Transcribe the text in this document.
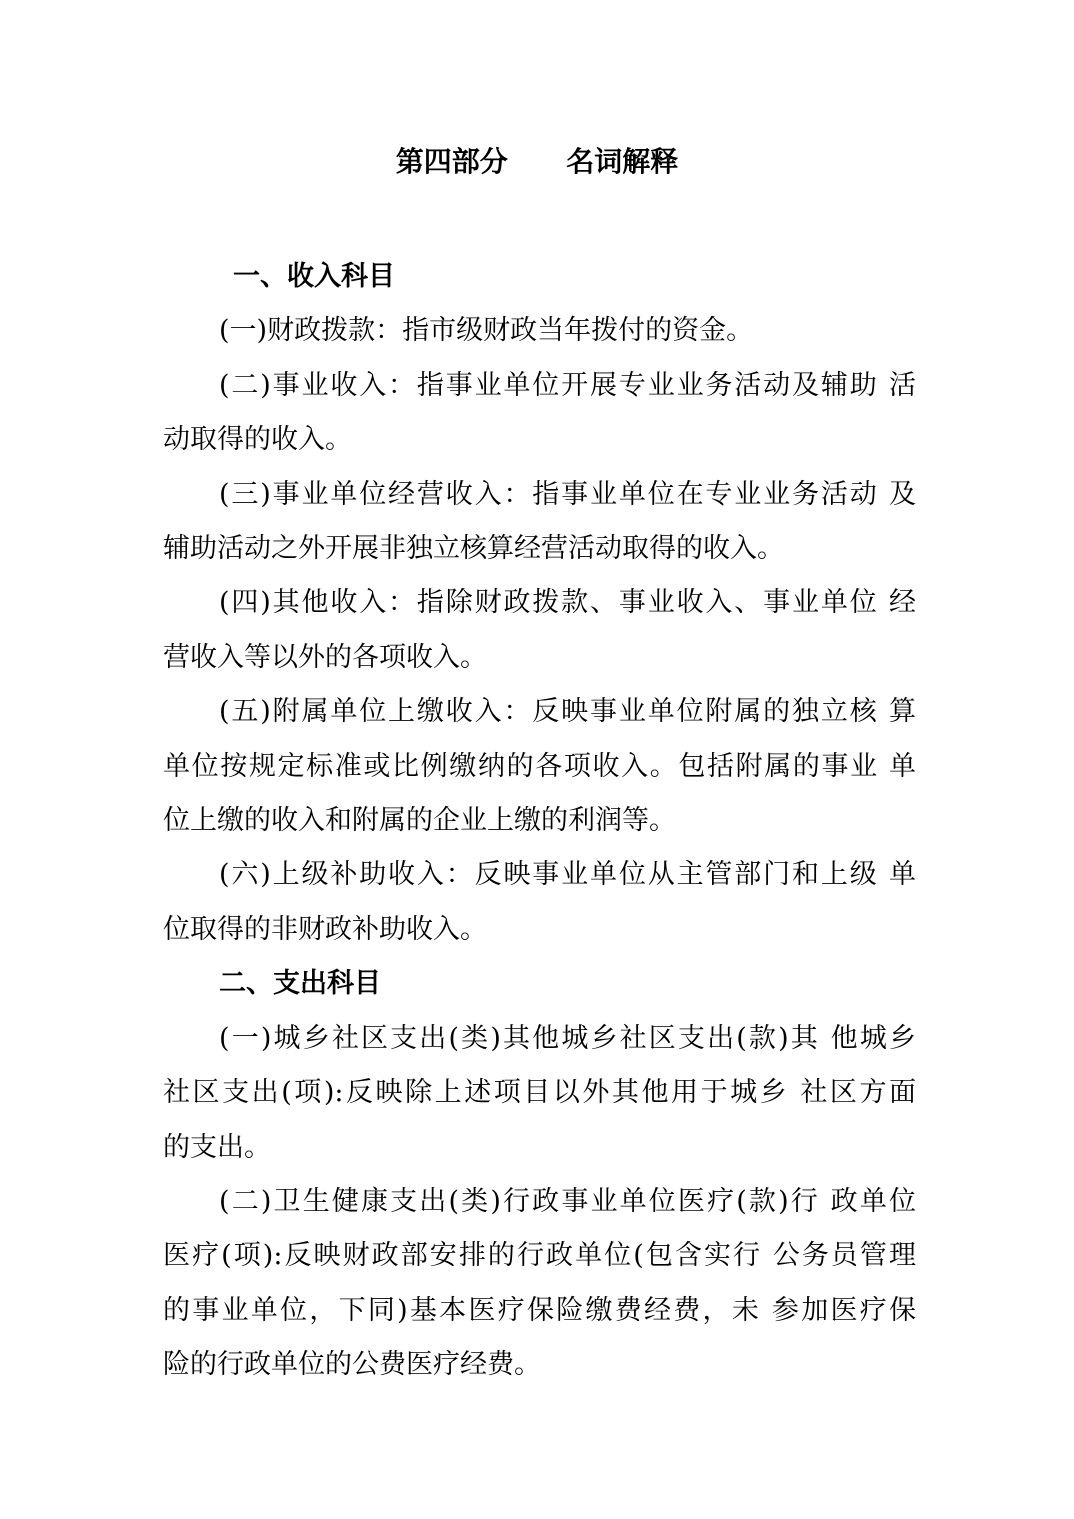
第四部分      名词解释
一、收入科目
(一)财政拨款：指市级财政当年拨付的资金。
(二)事业收入：指事业单位开展专业业务活动及辅助 活
动取得的收入。
(三)事业单位经营收入：指事业单位在专业业务活动 及
辅助活动之外开展非独立核算经营活动取得的收入。
(四)其他收入：指除财政拨款、事业收入、事业单位 经
营收入等以外的各项收入。
(五)附属单位上缴收入：反映事业单位附属的独立核 算
单位按规定标准或比例缴纳的各项收入。包括附属的事业 单
位上缴的收入和附属的企业上缴的利润等。
(六)上级补助收入：反映事业单位从主管部门和上级 单
位取得的非财政补助收入。
二、支出科目
(一)城乡社区支出(类)其他城乡社区支出(款)其 他城乡
社区支出(项):反映除上述项目以外其他用于城乡 社区方面
的支出。
(二)卫生健康支出(类)行政事业单位医疗(款)行 政单位
医疗(项):反映财政部安排的行政单位(包含实行 公务员管理
的事业单位，下同)基本医疗保险缴费经费，未 参加医疗保
险的行政单位的公费医疗经费。
